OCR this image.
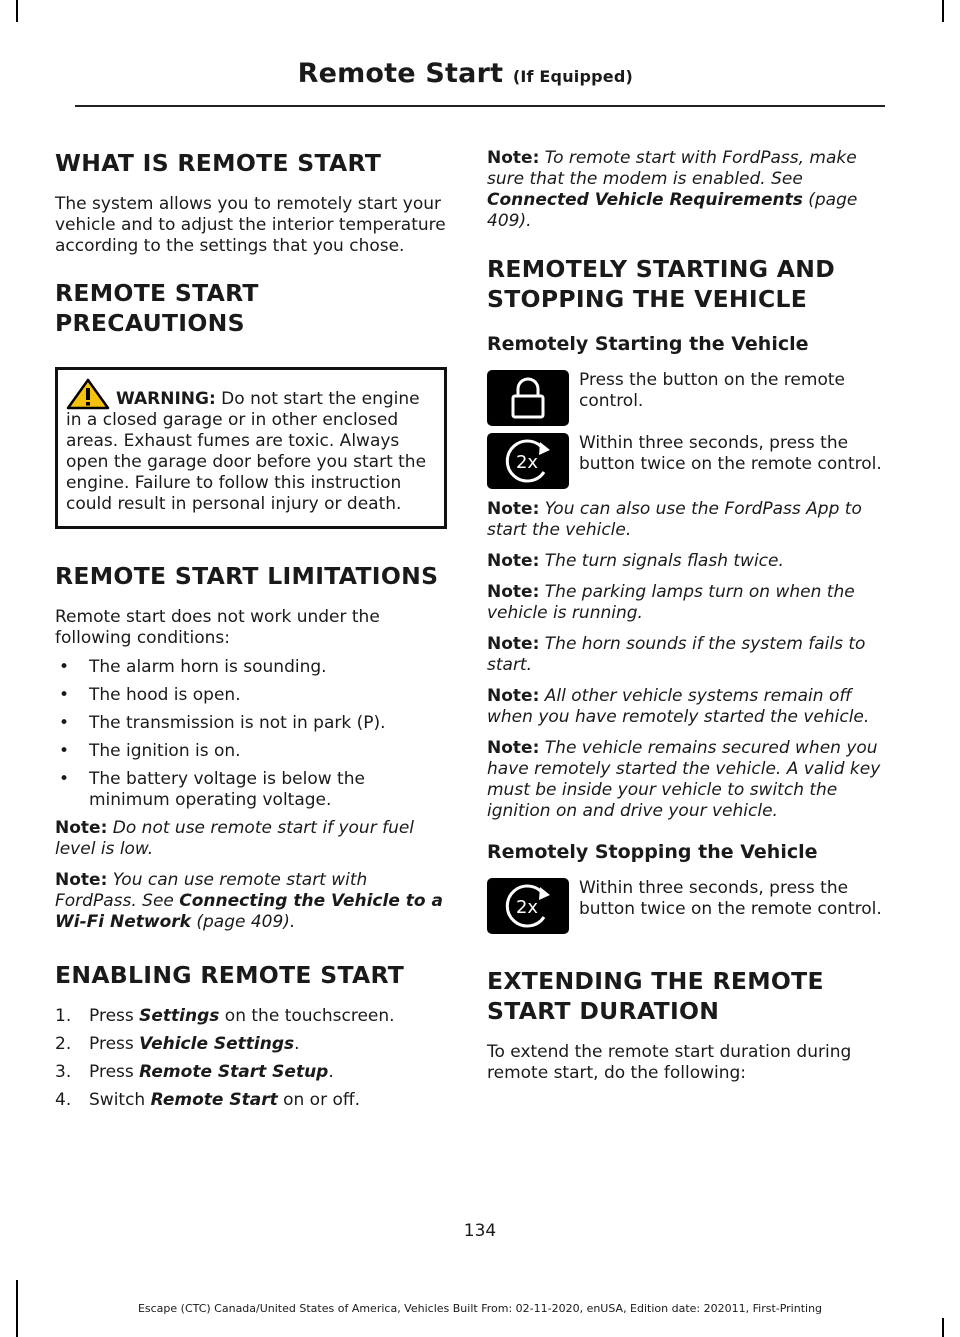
Remote Start (If Equipped)
WHAT IS REMOTE START

The system allows you to remotely start your vehicle and to adjust the interior temperature according to the settings that you chose.

REMOTE START
PRECAUTIONS
WARNING: Do not start the engine in a closed garage or in other enclosed areas. Exhaust fumes are toxic. Always open the garage door before you start the engine. Failure to follow this instruction could result in personal injury or death.
REMOTE START LIMITATIONS

Remote start does not work under the following conditions:

• The alarm horn is sounding.
• The hood is open.
• The transmission is not in park (P).
• The ignition is on.
• The battery voltage is below the minimum operating voltage.

Note: Do not use remote start if your fuel level is low.

Note: You can use remote start with FordPass. See Connecting the Vehicle to a Wi-Fi Network (page 409).

ENABLING REMOTE START
1. Press Settings on the touchscreen.
2. Press Vehicle Settings.
3. Press Remote Start Setup.
4. Switch Remote Start on or off.

Note: To remote start with FordPass, make sure that the modem is enabled. See Connected Vehicle Requirements (page 409).

REMOTELY STARTING AND
STOPPING THE VEHICLE
Remotely Starting the Vehicle

Press the button on the remote control.

2x

Within three seconds, press the button twice on the remote control.

Note: You can also use the FordPass App to start the vehicle.

Note: The turn signals flash twice.

Note: The parking lamps turn on when the vehicle is running.

Note: The horn sounds if the system fails to start.

Note: All other vehicle systems remain off when you have remotely started the vehicle.

Note: The vehicle remains secured when you have remotely started the vehicle. A valid key must be inside your vehicle to switch the ignition on and drive your vehicle.

Remotely Stopping the Vehicle
2x

Within three seconds, press the button twice on the remote control.

EXTENDING THE REMOTE
START DURATION

To extend the remote start duration during remote start, do the following:

134
Escape (CTC) Canada/United States of America, Vehicles Built From: 02-11-2020, enUSA, Edition date: 202011, First-Printing
